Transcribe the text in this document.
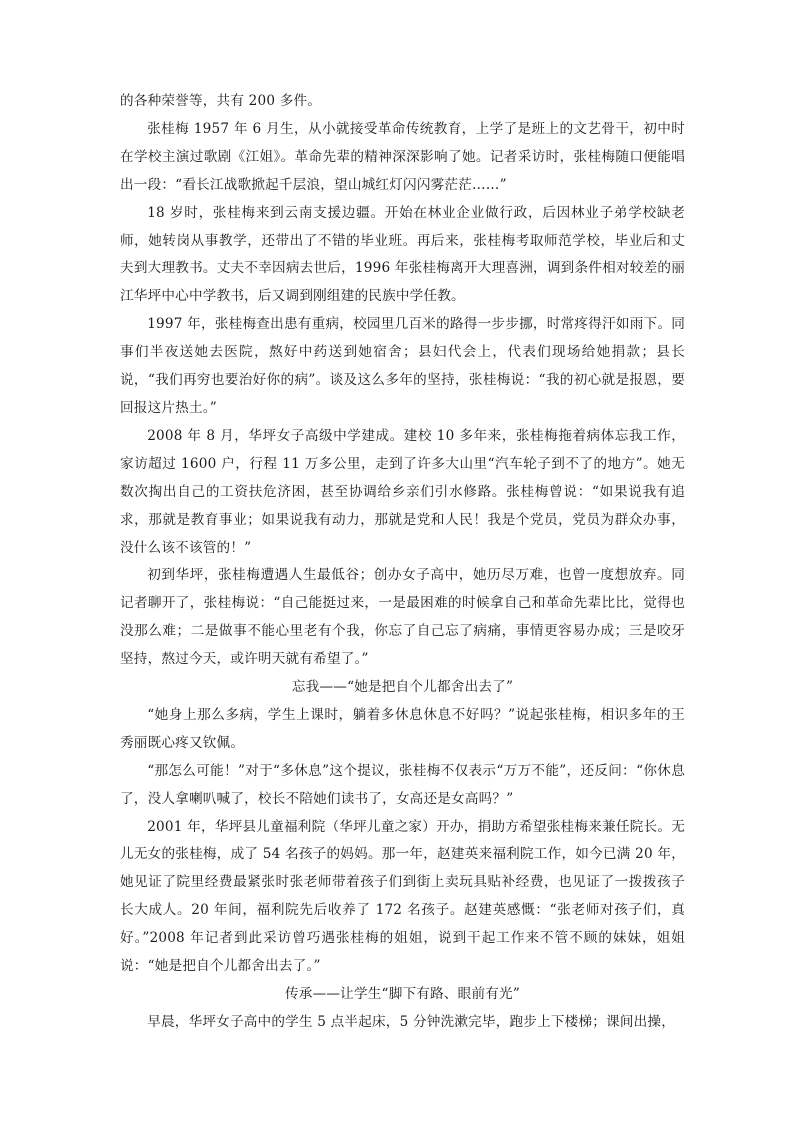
的各种荣誉等，共有 200 多件。

张桂梅 1957 年 6 月生，从小就接受革命传统教育，上学了是班上的文艺骨干，初中时在学校主演过歌剧《江姐》。革命先辈的精神深深影响了她。记者采访时，张桂梅随口便能唱出一段：“看长江战歌掀起千层浪，望山城红灯闪闪雾茫茫……”

18 岁时，张桂梅来到云南支援边疆。开始在林业企业做行政，后因林业子弟学校缺老师，她转岗从事教学，还带出了不错的毕业班。再后来，张桂梅考取师范学校，毕业后和丈夫到大理教书。丈夫不幸因病去世后，1996 年张桂梅离开大理喜洲，调到条件相对较差的丽江华坪中心中学教书，后又调到刚组建的民族中学任教。

1997 年，张桂梅查出患有重病，校园里几百米的路得一步步挪，时常疼得汗如雨下。同事们半夜送她去医院，熬好中药送到她宿舍；县妇代会上，代表们现场给她捐款；县长说，“我们再穷也要治好你的病”。谈及这么多年的坚持，张桂梅说：“我的初心就是报恩，要回报这片热土。”

2008 年 8 月，华坪女子高级中学建成。建校 10 多年来，张桂梅拖着病体忘我工作，家访超过 1600 户，行程 11 万多公里，走到了许多大山里“汽车轮子到不了的地方”。她无数次掏出自己的工资扶危济困，甚至协调给乡亲们引水修路。张桂梅曾说：“如果说我有追求，那就是教育事业；如果说我有动力，那就是党和人民！我是个党员，党员为群众办事，没什么该不该管的！”

初到华坪，张桂梅遭遇人生最低谷；创办女子高中，她历尽万难，也曾一度想放弃。同记者聊开了，张桂梅说：“自己能挺过来，一是最困难的时候拿自己和革命先辈比比，觉得也没那么难；二是做事不能心里老有个我，你忘了自己忘了病痛，事情更容易办成；三是咬牙坚持，熬过今天，或许明天就有希望了。”

忘我——“她是把自个儿都舍出去了”

“她身上那么多病，学生上课时，躺着多休息休息不好吗？”说起张桂梅，相识多年的王秀丽既心疼又钦佩。

“那怎么可能！”对于“多休息”这个提议，张桂梅不仅表示“万万不能”，还反问：“你休息了，没人拿喇叭喊了，校长不陪她们读书了，女高还是女高吗？”

2001 年，华坪县儿童福利院（华坪儿童之家）开办，捐助方希望张桂梅来兼任院长。无儿无女的张桂梅，成了 54 名孩子的妈妈。那一年，赵建英来福利院工作，如今已满 20 年，她见证了院里经费最紧张时张老师带着孩子们到街上卖玩具贴补经费，也见证了一拨拨孩子长大成人。20 年间，福利院先后收养了 172 名孩子。赵建英感慨：“张老师对孩子们，真好。”2008 年记者到此采访曾巧遇张桂梅的姐姐，说到干起工作来不管不顾的妹妹，姐姐说：“她是把自个儿都舍出去了。”

传承——让学生“脚下有路、眼前有光”

早晨，华坪女子高中的学生 5 点半起床，5 分钟洗漱完毕，跑步上下楼梯；课间出操，
